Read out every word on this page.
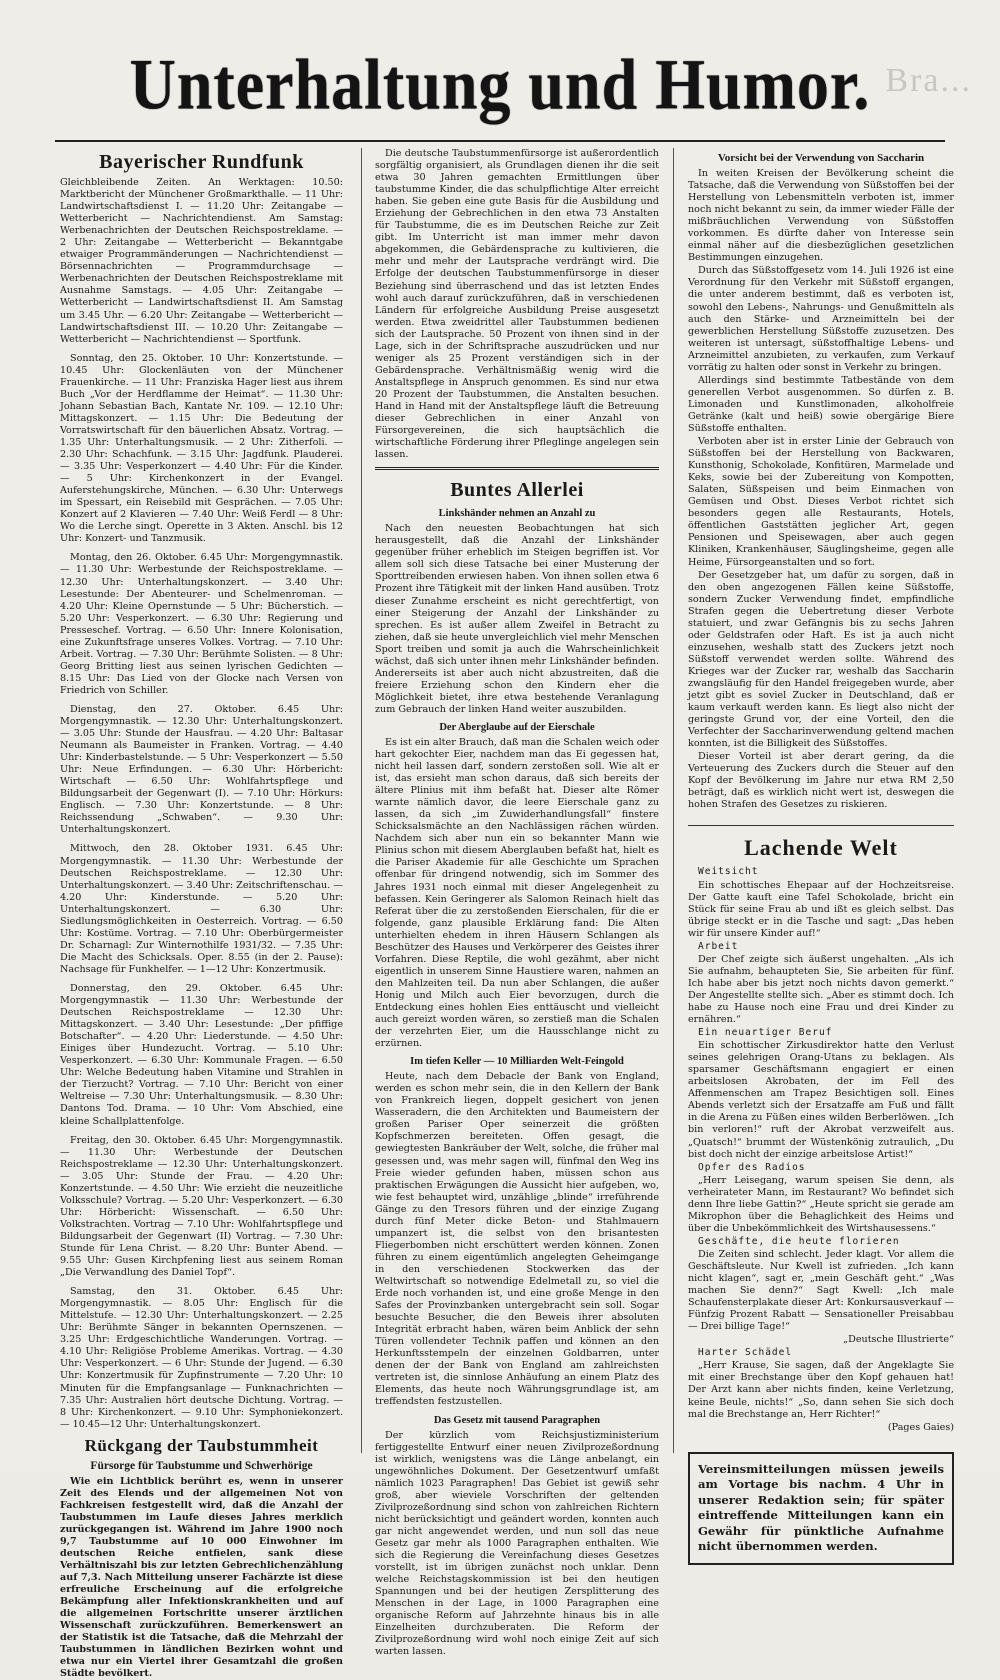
Unterhaltung und Humor. Bra...
Bayerischer Rundfunk

Gleichbleibende Zeiten. An Werktagen: 10.50: Marktbericht der Münchener Großmarkthalle. — 11 Uhr: Landwirtschaftsdienst I. — 11.20 Uhr: Zeitangabe — Wetterbericht — Nachrichtendienst. Am Samstag: Werbenachrichten der Deutschen Reichspostreklame. — 2 Uhr: Zeitangabe — Wetterbericht — Bekanntgabe etwaiger Programmänderungen — Nachrichtendienst — Börsennachrichten — Programmdurchsage — Werbenachrichten der Deutschen Reichspostreklame mit Ausnahme Samstags. — 4.05 Uhr: Zeitangabe — Wetterbericht — Landwirtschaftsdienst II. Am Samstag um 3.45 Uhr. — 6.20 Uhr: Zeitangabe — Wetterbericht — Landwirtschaftsdienst III. — 10.20 Uhr: Zeitangabe — Wetterbericht — Nachrichtendienst — Sportfunk.

Sonntag, den 25. Oktober. 10 Uhr: Konzertstunde. — 10.45 Uhr: Glockenläuten von der Münchener Frauenkirche. — 11 Uhr: Franziska Hager liest aus ihrem Buch „Vor der Herdflamme der Heimat“. — 11.30 Uhr: Johann Sebastian Bach, Kantate Nr. 109. — 12.10 Uhr: Mittagskonzert. — 1.15 Uhr: Die Bedeutung der Vorratswirtschaft für den bäuerlichen Absatz. Vortrag. — 1.35 Uhr: Unterhaltungsmusik. — 2 Uhr: Zitherfoli. — 2.30 Uhr: Schachfunk. — 3.15 Uhr: Jagdfunk. Plauderei. — 3.35 Uhr: Vesperkonzert — 4.40 Uhr: Für die Kinder. — 5 Uhr: Kirchenkonzert in der Evangel. Auferstehungskirche, München. — 6.30 Uhr: Unterwegs im Spessart, ein Reisebild mit Gesprächen. — 7.05 Uhr: Konzert auf 2 Klavieren — 7.40 Uhr: Weiß Ferdl — 8 Uhr: Wo die Lerche singt. Operette in 3 Akten. Anschl. bis 12 Uhr: Konzert- und Tanzmusik.

Montag, den 26. Oktober. 6.45 Uhr: Morgengymnastik. — 11.30 Uhr: Werbestunde der Reichspostreklame. — 12.30 Uhr: Unterhaltungskonzert. — 3.40 Uhr: Lesestunde: Der Abenteurer- und Schelmenroman. — 4.20 Uhr: Kleine Opernstunde — 5 Uhr: Bücherstich. — 5.20 Uhr: Vesperkonzert. — 6.30 Uhr: Regierung und Presseschef. Vortrag. — 6.50 Uhr: Innere Kolonisation, eine Zukunftsfrage unseres Volkes. Vortrag. — 7.10 Uhr: Arbeit. Vortrag. — 7.30 Uhr: Berühmte Solisten. — 8 Uhr: Georg Britting liest aus seinen lyrischen Gedichten — 8.15 Uhr: Das Lied von der Glocke nach Versen von Friedrich von Schiller.

Dienstag, den 27. Oktober. 6.45 Uhr: Morgengymnastik. — 12.30 Uhr: Unterhaltungskonzert. — 3.05 Uhr: Stunde der Hausfrau. — 4.20 Uhr: Baltasar Neumann als Baumeister in Franken. Vortrag. — 4.40 Uhr: Kinderbastelstunde. — 5 Uhr: Vesperkonzert — 5.50 Uhr: Neue Erfindungen. — 6.30 Uhr: Hörbericht: Wirtschaft — 6.50 Uhr: Wohlfahrtspflege und Bildungsarbeit der Gegenwart (I). — 7.10 Uhr: Hörkurs: Englisch. — 7.30 Uhr: Konzertstunde. — 8 Uhr: Reichssendung „Schwaben“. — 9.30 Uhr: Unterhaltungskonzert.

Mittwoch, den 28. Oktober 1931. 6.45 Uhr: Morgengymnastik. — 11.30 Uhr: Werbestunde der Deutschen Reichspostreklame. — 12.30 Uhr: Unterhaltungskonzert. — 3.40 Uhr: Zeitschriftenschau. — 4.20 Uhr: Kinderstunde. — 5.20 Uhr: Unterhaltungskonzert. — 6.30 Uhr: Siedlungsmöglichkeiten in Oesterreich. Vortrag. — 6.50 Uhr: Kostüme. Vortrag. — 7.10 Uhr: Oberbürgermeister Dr. Scharnagl: Zur Winternothilfe 1931/32. — 7.35 Uhr: Die Macht des Schicksals. Oper. 8.55 (in der 2. Pause): Nachsage für Funkhelfer. — 1—12 Uhr: Konzertmusik.

Donnerstag, den 29. Oktober. 6.45 Uhr: Morgengymnastik — 11.30 Uhr: Werbestunde der Deutschen Reichspostreklame — 12.30 Uhr: Mittagskonzert. — 3.40 Uhr: Lesestunde: „Der pfiffige Botschafter“. — 4.20 Uhr: Liederstunde. — 4.50 Uhr: Einiges über Hundezucht. Vortrag. — 5.10 Uhr: Vesperkonzert. — 6.30 Uhr: Kommunale Fragen. — 6.50 Uhr: Welche Bedeutung haben Vitamine und Strahlen in der Tierzucht? Vortrag. — 7.10 Uhr: Bericht von einer Weltreise — 7.30 Uhr: Unterhaltungsmusik. — 8.30 Uhr: Dantons Tod. Drama. — 10 Uhr: Vom Abschied, eine kleine Schallplattenfolge.

Freitag, den 30. Oktober. 6.45 Uhr: Morgengymnastik. — 11.30 Uhr: Werbestunde der Deutschen Reichspostreklame — 12.30 Uhr: Unterhaltungskonzert. — 3.05 Uhr: Stunde der Frau. — 4.20 Uhr: Konzertstunde. — 4.50 Uhr: Wie erzieht die neuzeitliche Volksschule? Vortrag. — 5.20 Uhr: Vesperkonzert. — 6.30 Uhr: Hörbericht: Wissenschaft. — 6.50 Uhr: Volkstrachten. Vortrag — 7.10 Uhr: Wohlfahrtspflege und Bildungsarbeit der Gegenwart (II) Vortrag. — 7.30 Uhr: Stunde für Lena Christ. — 8.20 Uhr: Bunter Abend. — 9.55 Uhr: Gusen Kirchpfening liest aus seinem Roman „Die Verwandlung des Daniel Topf“.

Samstag, den 31. Oktober. 6.45 Uhr: Morgengymnastik. — 8.05 Uhr: Englisch für die Mittelstufe. — 12.30 Uhr: Unterhaltungskonzert. — 2.25 Uhr: Berühmte Sänger in bekannten Opernszenen. — 3.25 Uhr: Erdgeschichtliche Wanderungen. Vortrag. — 4.10 Uhr: Religiöse Probleme Amerikas. Vortrag. — 4.30 Uhr: Vesperkonzert. — 6 Uhr: Stunde der Jugend. — 6.30 Uhr: Konzertmusik für Zupfinstrumente — 7.20 Uhr: 10 Minuten für die Empfangsanlage — Funknachrichten — 7.35 Uhr: Australien hört deutsche Dichtung. Vortrag. — 8 Uhr: Kirchenkonzert. — 9.10 Uhr: Symphoniekonzert. — 10.45—12 Uhr: Unterhaltungskonzert.

Rückgang der Taubstummheit
Fürsorge für Taubstumme und Schwerhörige

Wie ein Lichtblick berührt es, wenn in unserer Zeit des Elends und der allgemeinen Not von Fachkreisen festgestellt wird, daß die Anzahl der Taubstummen im Laufe dieses Jahres merklich zurückgegangen ist. Während im Jahre 1900 noch 9,7 Taubstumme auf 10 000 Einwohner im deutschen Reiche entfielen, sank diese Verhältniszahl bis zur letzten Gebrechlichenzählung auf 7,3. Nach Mitteilung unserer Fachärzte ist diese erfreuliche Erscheinung auf die erfolgreiche Bekämpfung aller Infektionskrankheiten und auf die allgemeinen Fortschritte unserer ärztlichen Wissenschaft zurückzuführen. Bemerkenswert an der Statistik ist die Tatsache, daß die Mehrzahl der Taubstummen in ländlichen Bezirken wohnt und etwa nur ein Viertel ihrer Gesamtzahl die großen Städte bevölkert.

Die deutsche Taubstummenfürsorge ist außerordentlich sorgfältig organisiert, als Grundlagen dienen ihr die seit etwa 30 Jahren gemachten Ermittlungen über taubstumme Kinder, die das schulpflichtige Alter erreicht haben. Sie geben eine gute Basis für die Ausbildung und Erziehung der Gebrechlichen in den etwa 73 Anstalten für Taubstumme, die es im Deutschen Reiche zur Zeit gibt. Im Unterricht ist man immer mehr davon abgekommen, die Gebärdensprache zu kultivieren, die mehr und mehr der Lautsprache verdrängt wird. Die Erfolge der deutschen Taubstummenfürsorge in dieser Beziehung sind überraschend und das ist letzten Endes wohl auch darauf zurückzuführen, daß in verschiedenen Ländern für erfolgreiche Ausbildung Preise ausgesetzt werden. Etwa zweidrittel aller Taubstummen bedienen sich der Lautsprache. 50 Prozent von ihnen sind in der Lage, sich in der Schriftsprache auszudrücken und nur weniger als 25 Prozent verständigen sich in der Gebärdensprache. Verhältnismäßig wenig wird die Anstaltspflege in Anspruch genommen. Es sind nur etwa 20 Prozent der Taubstummen, die Anstalten besuchen. Hand in Hand mit der Anstaltspflege läuft die Betreuung dieser Gebrechlichen in einer Anzahl von Fürsorgevereinen, die sich hauptsächlich die wirtschaftliche Förderung ihrer Pfleglinge angelegen sein lassen.

Buntes Allerlei
Linkshänder nehmen an Anzahl zu

Nach den neuesten Beobachtungen hat sich herausgestellt, daß die Anzahl der Linkshänder gegenüber früher erheblich im Steigen begriffen ist. Vor allem soll sich diese Tatsache bei einer Musterung der Sporttreibenden erwiesen haben. Von ihnen sollen etwa 6 Prozent ihre Tätigkeit mit der linken Hand ausüben. Trotz dieser Zunahme erscheint es nicht gerechtfertigt, von einer Steigerung der Anzahl der Linkshänder zu sprechen. Es ist außer allem Zweifel in Betracht zu ziehen, daß sie heute unvergleichlich viel mehr Menschen Sport treiben und somit ja auch die Wahrscheinlichkeit wächst, daß sich unter ihnen mehr Linkshänder befinden. Andererseits ist aber auch nicht abzustreiten, daß die freiere Erziehung schon den Kindern eher die Möglichkeit bietet, ihre etwa bestehende Veranlagung zum Gebrauch der linken Hand weiter auszubilden.

Der Aberglaube auf der Eierschale

Es ist ein alter Brauch, daß man die Schalen weich oder hart gekochter Eier, nachdem man das Ei gegessen hat, nicht heil lassen darf, sondern zerstoßen soll. Wie alt er ist, das ersieht man schon daraus, daß sich bereits der ältere Plinius mit ihm befaßt hat. Dieser alte Römer warnte nämlich davor, die leere Eierschale ganz zu lassen, da sich „im Zuwiderhandlungsfall“ finstere Schicksalsmächte an den Nachlässigen rächen würden. Nachdem sich aber nun ein so bekannter Mann wie Plinius schon mit diesem Aberglauben befaßt hat, hielt es die Pariser Akademie für alle Geschichte um Sprachen offenbar für dringend notwendig, sich im Sommer des Jahres 1931 noch einmal mit dieser Angelegenheit zu befassen. Kein Geringerer als Salomon Reinach hielt das Referat über die zu zerstoßenden Eierschalen, für die er folgende, ganz plausible Erklärung fand: Die Alten unterhielten ehedem in ihren Häusern Schlangen als Beschützer des Hauses und Verkörperer des Geistes ihrer Vorfahren. Diese Reptile, die wohl gezähmt, aber nicht eigentlich in unserem Sinne Haustiere waren, nahmen an den Mahlzeiten teil. Da nun aber Schlangen, die außer Honig und Milch auch Eier bevorzugen, durch die Entdeckung eines hohlen Eies enttäuscht und vielleicht auch gereizt worden wären, so zerstieß man die Schalen der verzehrten Eier, um die Hausschlange nicht zu erzürnen.

Im tiefen Keller — 10 Milliarden Welt-Feingold

Heute, nach dem Debacle der Bank von England, werden es schon mehr sein, die in den Kellern der Bank von Frankreich liegen, doppelt gesichert von jenen Wasseradern, die den Architekten und Baumeistern der großen Pariser Oper seinerzeit die größten Kopfschmerzen bereiteten. Offen gesagt, die gewiegtesten Bankräuber der Welt, solche, die früher mal gesessen und, was mehr sagen will, fünfmal den Weg ins Freie wieder gefunden haben, müssen schon aus praktischen Erwägungen die Aussicht hier aufgeben, wo, wie fest behauptet wird, unzählige „blinde“ irreführende Gänge zu den Tresors führen und der einzige Zugang durch fünf Meter dicke Beton- und Stahlmauern umpanzert ist, die selbst von den brisantesten Fliegerbomben nicht erschüttert werden können. Zonen führen zu einem eigentümlich angelegten Geheimgange in den verschiedenen Stockwerken das der Weltwirtschaft so notwendige Edelmetall zu, so viel die Erde noch vorhanden ist, und eine große Menge in den Safes der Provinzbanken untergebracht sein soll. Sogar besuchte Besucher, die den Beweis ihrer absoluten Integrität erbracht haben, wären beim Anblick der sehn Türen vollendeter Technik paffen und können an den Herkunftsstempeln der einzelnen Goldbarren, unter denen der der Bank von England am zahlreichsten vertreten ist, die sinnlose Anhäufung an einem Platz des Elements, das heute noch Währungsgrundlage ist, am treffendsten festzustellen.

Das Gesetz mit tausend Paragraphen

Der kürzlich vom Reichsjustizministerium fertiggestellte Entwurf einer neuen Zivilprozeßordnung ist wirklich, wenigstens was die Länge anbelangt, ein ungewöhnliches Dokument. Der Gesetzentwurf umfaßt nämlich 1023 Paragraphen! Das Gebiet ist gewiß sehr groß, aber wieviele Vorschriften der geltenden Zivilprozeßordnung sind schon von zahlreichen Richtern nicht berücksichtigt und geändert worden, konnten auch gar nicht angewendet werden, und nun soll das neue Gesetz gar mehr als 1000 Paragraphen enthalten. Wie sich die Regierung die Vereinfachung dieses Gesetzes vorstellt, ist im übrigen zunächst noch unklar. Denn welche Reichstagskommission ist bei den heutigen Spannungen und bei der heutigen Zersplitterung des Menschen in der Lage, in 1000 Paragraphen eine organische Reform auf Jahrzehnte hinaus bis in alle Einzelheiten durchzuberaten. Die Reform der Zivilprozeßordnung wird wohl noch einige Zeit auf sich warten lassen.

Vorsicht bei der Verwendung von Saccharin

In weiten Kreisen der Bevölkerung scheint die Tatsache, daß die Verwendung von Süßstoffen bei der Herstellung von Lebensmitteln verboten ist, immer noch nicht bekannt zu sein, da immer wieder Fälle der mißbräuchlichen Verwendung von Süßstoffen vorkommen. Es dürfte daher von Interesse sein einmal näher auf die diesbezüglichen gesetzlichen Bestimmungen einzugehen.

Durch das Süßstoffgesetz vom 14. Juli 1926 ist eine Verordnung für den Verkehr mit Süßstoff ergangen, die unter anderem bestimmt, daß es verboten ist, sowohl den Lebens-, Nahrungs- und Genußmitteln als auch den Stärke- und Arzneimitteln bei der gewerblichen Herstellung Süßstoffe zuzusetzen. Des weiteren ist untersagt, süßstoffhaltige Lebens- und Arzneimittel anzubieten, zu verkaufen, zum Verkauf vorrätig zu halten oder sonst in Verkehr zu bringen.

Allerdings sind bestimmte Tatbestände von dem generellen Verbot ausgenommen. So dürfen z. B. Limonaden und Kunstlimonaden, alkoholfreie Getränke (kalt und heiß) sowie obergärige Biere Süßstoffe enthalten.

Verboten aber ist in erster Linie der Gebrauch von Süßstoffen bei der Herstellung von Backwaren, Kunsthonig, Schokolade, Konfitüren, Marmelade und Keks, sowie bei der Zubereitung von Kompotten, Salaten, Süßspeisen und beim Einmachen von Gemüsen und Obst. Dieses Verbot richtet sich besonders gegen alle Restaurants, Hotels, öffentlichen Gaststätten jeglicher Art, gegen Pensionen und Speisewagen, aber auch gegen Kliniken, Krankenhäuser, Säuglingsheime, gegen alle Heime, Fürsorgeanstalten und so fort.

Der Gesetzgeber hat, um dafür zu sorgen, daß in den oben angezogenen Fällen keine Süßstoffe, sondern Zucker Verwendung findet, empfindliche Strafen gegen die Uebertretung dieser Verbote statuiert, und zwar Gefängnis bis zu sechs Jahren oder Geldstrafen oder Haft. Es ist ja auch nicht einzusehen, weshalb statt des Zuckers jetzt noch Süßstoff verwendet werden sollte. Während des Krieges war der Zucker rar, weshalb das Saccharin zwangsläufig für den Handel freigegeben wurde, aber jetzt gibt es soviel Zucker in Deutschland, daß er kaum verkauft werden kann. Es liegt also nicht der geringste Grund vor, der eine Vorteil, den die Verfechter der Saccharinverwendung geltend machen konnten, ist die Billigkeit des Süßstoffes.

Dieser Vorteil ist aber derart gering, da die Verteuerung des Zuckers durch die Steuer auf den Kopf der Bevölkerung im Jahre nur etwa RM 2,50 beträgt, daß es wirklich nicht wert ist, deswegen die hohen Strafen des Gesetzes zu riskieren.

Lachende Welt

Weitsicht

Ein schottisches Ehepaar auf der Hochzeitsreise. Der Gatte kauft eine Tafel Schokolade, bricht ein Stück für seine Frau ab und ißt es gleich selbst. Das übrige steckt er in die Tasche und sagt: „Das heben wir für unsere Kinder auf!“

Arbeit

Der Chef zeigte sich äußerst ungehalten. „Als ich Sie aufnahm, behaupteten Sie, Sie arbeiten für fünf. Ich habe aber bis jetzt noch nichts davon gemerkt.“ Der Angestellte stellte sich. „Aber es stimmt doch. Ich habe zu Hause noch eine Frau und drei Kinder zu ernähren.“

Ein neuartiger Beruf

Ein schottischer Zirkusdirektor hatte den Verlust seines gelehrigen Orang-Utans zu beklagen. Als sparsamer Geschäftsmann engagiert er einen arbeitslosen Akrobaten, der im Fell des Affenmenschen am Trapez Besichtigen soll. Eines Abends verletzt sich der Ersatzaffe am Fuß und fällt in die Arena zu Füßen eines wilden Berberlöwen. „Ich bin verloren!“ ruft der Akrobat verzweifelt aus. „Quatsch!“ brummt der Wüstenkönig zutraulich, „Du bist doch nicht der einzige arbeitslose Artist!“

Opfer des Radios

„Herr Leisegang, warum speisen Sie denn, als verheirateter Mann, im Restaurant? Wo befindet sich denn Ihre liebe Gattin?“ „Heute spricht sie gerade am Mikrophon über die Behaglichkeit des Heims und über die Unbekömmlichkeit des Wirtshausessens.“

Geschäfte, die heute florieren

Die Zeiten sind schlecht. Jeder klagt. Vor allem die Geschäftsleute. Nur Kwell ist zufrieden. „Ich kann nicht klagen“, sagt er, „mein Geschäft geht.“ „Was machen Sie denn?“ Sagt Kwell: „Ich male Schaufensterplakate dieser Art: Konkursausverkauf — Fünfzig Prozent Rabatt — Sensationeller Preisabbau — Drei billige Tage!“

„Deutsche Illustrierte“

Harter Schädel

„Herr Krause, Sie sagen, daß der Angeklagte Sie mit einer Brechstange über den Kopf gehauen hat! Der Arzt kann aber nichts finden, keine Verletzung, keine Beule, nichts!“ „So, dann sehen Sie sich doch mal die Brechstange an, Herr Richter!“

(Pages Gaies)

Vereinsmitteilungen müssen jeweils am Vortage bis nachm. 4 Uhr in unserer Redaktion sein; für später eintreffende Mitteilungen kann ein Gewähr für pünktliche Aufnahme nicht übernommen werden.
